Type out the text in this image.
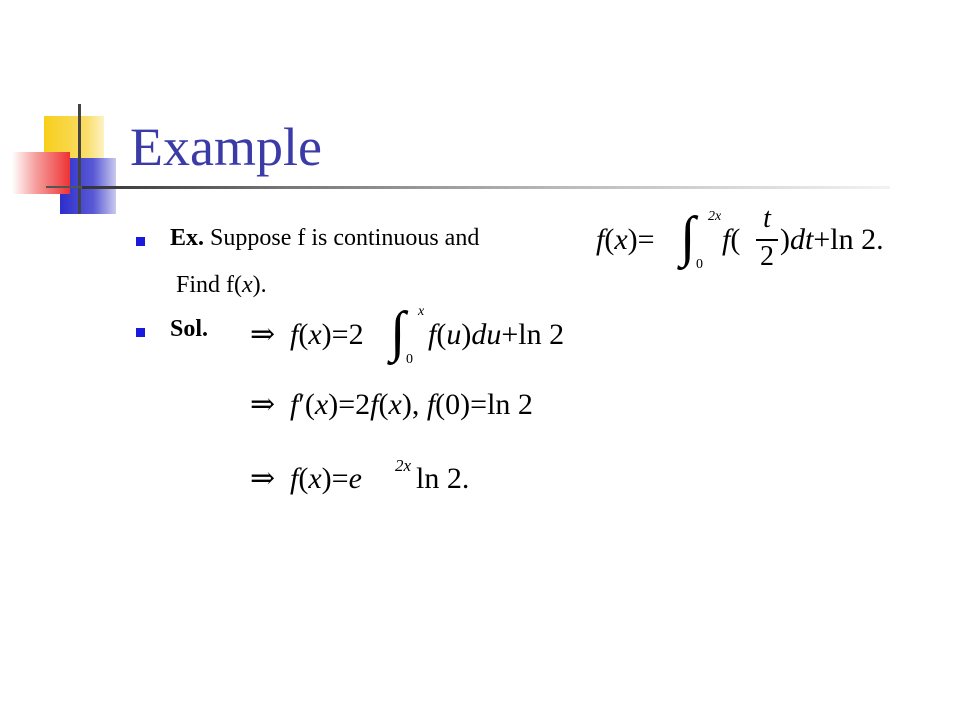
Example
Ex. Suppose f is continuous and	f(x)= ∫ 2x
0
f(
t
2
)dt+ln 2.
Find f(x).
Sol. ⇒ f(x)=2 ∫ x
0
f(u)du+ln 2
⇒ f′(x)=2f(x), f(0)=ln 2
⇒ f(x)=e 2x ln 2.
